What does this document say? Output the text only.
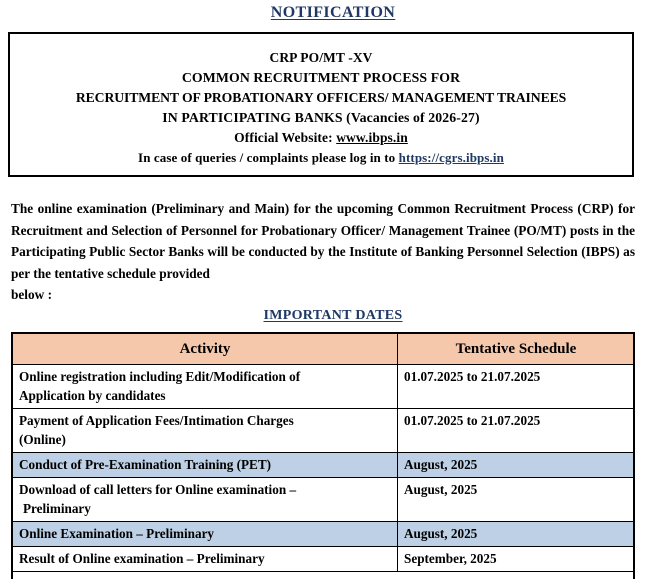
NOTIFICATION
CRP PO/MT -XV
COMMON RECRUITMENT PROCESS FOR
RECRUITMENT OF PROBATIONARY OFFICERS/ MANAGEMENT TRAINEES
IN PARTICIPATING BANKS (Vacancies of 2026-27)
Official Website: www.ibps.in
In case of queries / complaints please log in to https://cgrs.ibps.in
The online examination (Preliminary and Main) for the upcoming Common Recruitment Process (CRP) for Recruitment and Selection of Personnel for Probationary Officer/ Management Trainee (PO/MT) posts in the Participating Public Sector Banks will be conducted by the Institute of Banking Personnel Selection (IBPS) as per the tentative schedule provided
below :
IMPORTANT DATES
Activity	Tentative Schedule

Online registration including Edit/Modification of
Application by candidates	01.07.2025 to 21.07.2025

Payment of Application Fees/Intimation Charges
(Online)	01.07.2025 to 21.07.2025

Conduct of Pre-Examination Training (PET)	August, 2025

Download of call letters for Online examination –
Preliminary	August, 2025

Online Examination – Preliminary	August, 2025

Result of Online examination – Preliminary	September, 2025
